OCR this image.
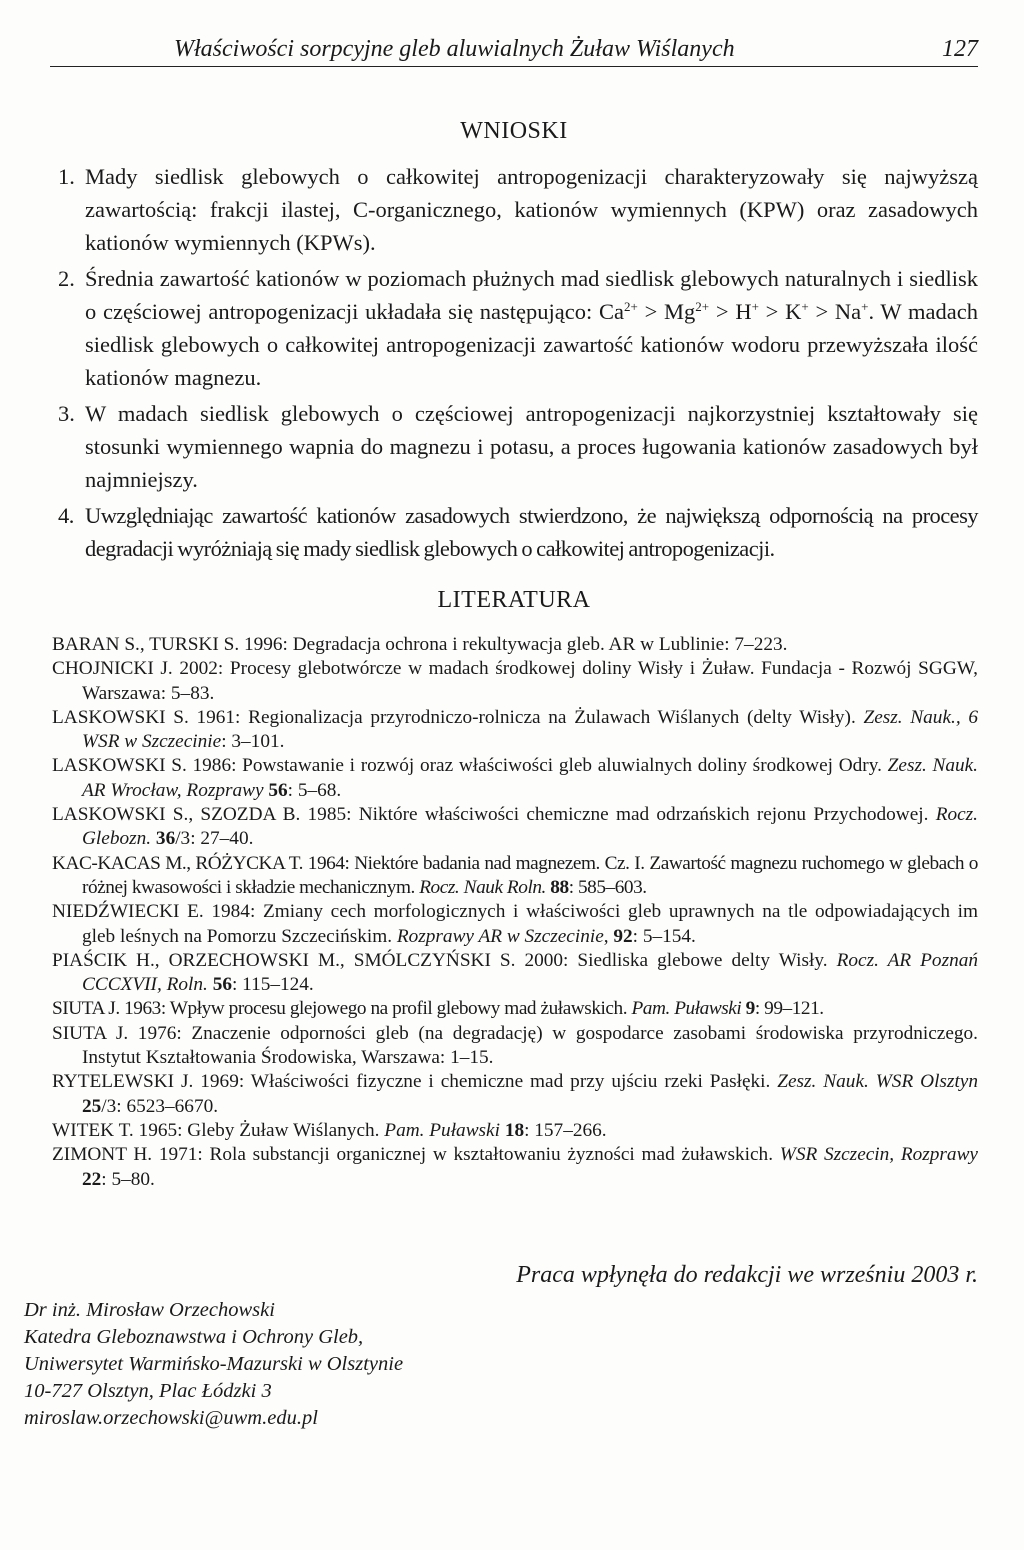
Właściwości sorpcyjne gleb aluwialnych Żuław Wiślanych	127
WNIOSKI
1. Mady siedlisk glebowych o całkowitej antropogenizacji charakteryzowały się najwyższą zawartością: frakcji ilastej, C-organicznego, kationów wymiennych (KPW) oraz zasadowych kationów wymiennych (KPWs).
2. Średnia zawartość kationów w poziomach płużnych mad siedlisk glebowych naturalnych i siedlisk o częściowej antropogenizacji układała się następująco: $Ca^{2+} > Mg^{2+} > H^+ > K^+ > Na^+$. W madach siedlisk glebowych o całkowitej antropogenizacji zawartość kationów wodoru przewyższała ilość kationów magnezu.
3. W madach siedlisk glebowych o częściowej antropogenizacji najkorzystniej kształtowały się stosunki wymiennego wapnia do magnezu i potasu, a proces ługowania kationów zasadowych był najmniejszy.
4. Uwzględniając zawartość kationów zasadowych stwierdzono, że największą odpornością na procesy degradacji wyróżniają się mady siedlisk glebowych o całkowitej antropogenizacji.
LITERATURA
BARAN S., TURSKI S. 1996: Degradacja ochrona i rekultywacja gleb. AR w Lublinie: 7–223.
CHOJNICKI J. 2002: Procesy glebotwórcze w madach środkowej doliny Wisły i Żuław. Fundacja - Rozwój SGGW, Warszawa: 5–83.
LASKOWSKI S. 1961: Regionalizacja przyrodniczo-rolnicza na Żulawach Wiślanych (delty Wisły). Zesz. Nauk., 6 WSR w Szczecinie: 3–101.
LASKOWSKI S. 1986: Powstawanie i rozwój oraz właściwości gleb aluwialnych doliny środkowej Odry. Zesz. Nauk. AR Wrocław, Rozprawy 56: 5–68.
LASKOWSKI S., SZOZDA B. 1985: Niktóre właściwości chemiczne mad odrzańskich rejonu Przychodowej. Rocz. Glebozn. 36/3: 27–40.
KAC-KACAS M., RÓŻYCKA T. 1964: Niektóre badania nad magnezem. Cz. I. Zawartość magnezu ruchomego w glebach o różnej kwasowości i składzie mechanicznym. Rocz. Nauk Roln. 88: 585–603.
NIEDŹWIECKI E. 1984: Zmiany cech morfologicznych i właściwości gleb uprawnych na tle odpowiadających im gleb leśnych na Pomorzu Szczecińskim. Rozprawy AR w Szczecinie, 92: 5–154.
PIAŚCIK H., ORZECHOWSKI M., SMÓLCZYŃSKI S. 2000: Siedliska glebowe delty Wisły. Rocz. AR Poznań CCCXVII, Roln. 56: 115–124.
SIUTA J. 1963: Wpływ procesu glejowego na profil glebowy mad żuławskich. Pam. Puławski 9: 99–121.
SIUTA J. 1976: Znaczenie odporności gleb (na degradację) w gospodarce zasobami środowiska przyrodniczego. Instytut Kształtowania Środowiska, Warszawa: 1–15.
RYTELEWSKI J. 1969: Właściwości fizyczne i chemiczne mad przy ujściu rzeki Pasłęki. Zesz. Nauk. WSR Olsztyn 25/3: 6523–6670.
WITEK T. 1965: Gleby Żuław Wiślanych. Pam. Puławski 18: 157–266.
ZIMONT H. 1971: Rola substancji organicznej w kształtowaniu żyzności mad żuławskich. WSR Szczecin, Rozprawy 22: 5–80.
Praca wpłynęła do redakcji we wrześniu 2003 r.
Dr inż. Mirosław Orzechowski
Katedra Gleboznawstwa i Ochrony Gleb,
Uniwersytet Warmińsko-Mazurski w Olsztynie
10-727 Olsztyn, Plac Łódzki 3
miroslaw.orzechowski@uwm.edu.pl
